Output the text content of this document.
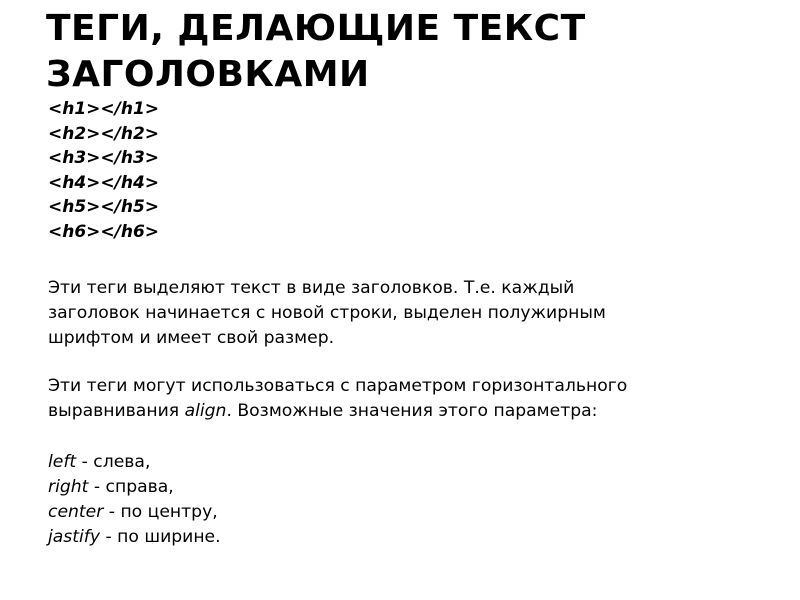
ТЕГИ, ДЕЛАЮЩИЕ ТЕКСТ
ЗАГОЛОВКАМИ
<h1></h1>
<h2></h2>
<h3></h3>
<h4></h4>
<h5></h5>
<h6></h6>

Эти теги выделяют текст в виде заголовков. Т.е. каждый
заголовок начинается с новой строки, выделен полужирным
шрифтом и имеет свой размер.

Эти теги могут использоваться с параметром горизонтального
выравнивания align. Возможные значения этого параметра:

left - слева,
right - справа,
center - по центру,
jastify - по ширине.
